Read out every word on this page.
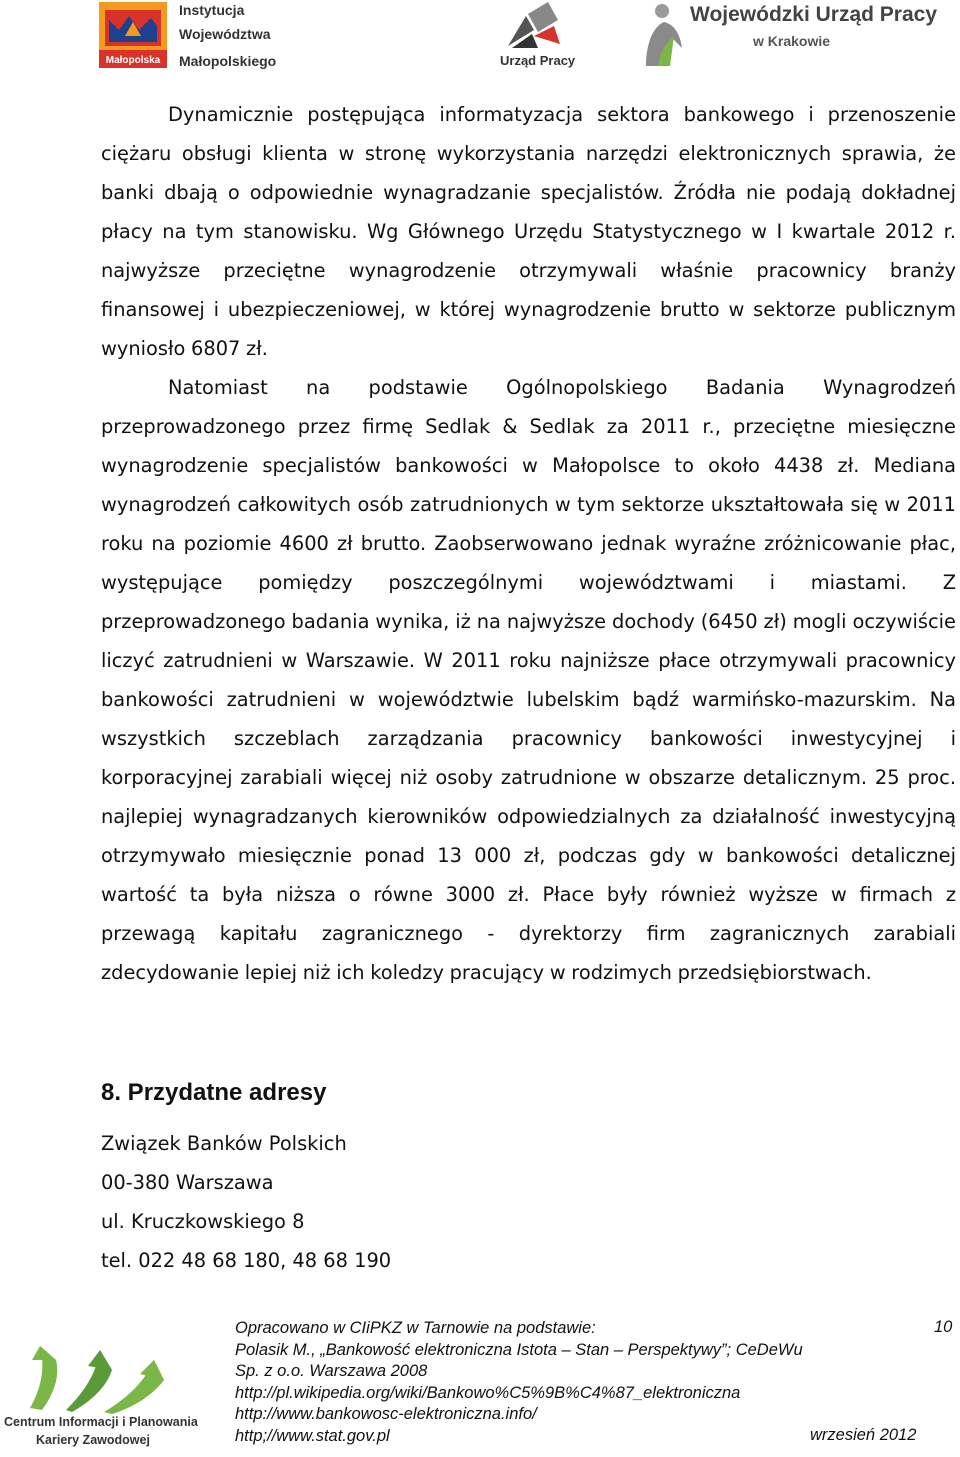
Małopolska
Instytucja
Województwa
Małopolskiego	Urząd Pracy
Wojewódzki Urząd Pracy
w Krakowie

Dynamicznie postępująca informatyzacja sektora bankowego i przenoszenie ciężaru obsługi klienta w stronę wykorzystania narzędzi elektronicznych sprawia, że banki dbają o odpowiednie wynagradzanie specjalistów. Źródła nie podają dokładnej płacy na tym stanowisku. Wg Głównego Urzędu Statystycznego w I kwartale 2012 r. najwyższe przeciętne wynagrodzenie otrzymywali właśnie pracownicy branży finansowej i ubezpieczeniowej, w której wynagrodzenie brutto w sektorze publicznym wyniosło 6807 zł.

Natomiast na podstawie Ogólnopolskiego Badania Wynagrodzeń przeprowadzonego przez firmę Sedlak & Sedlak za 2011 r., przeciętne miesięczne wynagrodzenie specjalistów bankowości w Małopolsce to około 4438 zł. Mediana wynagrodzeń całkowitych osób zatrudnionych w tym sektorze ukształtowała się w 2011 roku na poziomie 4600 zł brutto. Zaobserwowano jednak wyraźne zróżnicowanie płac, występujące pomiędzy poszczególnymi województwami i miastami. Z przeprowadzonego badania wynika, iż na najwyższe dochody (6450 zł) mogli oczywiście liczyć zatrudnieni w Warszawie. W 2011 roku najniższe płace otrzymywali pracownicy bankowości zatrudnieni w województwie lubelskim bądź warmińsko-mazurskim. Na wszystkich szczeblach zarządzania pracownicy bankowości inwestycyjnej i korporacyjnej zarabiali więcej niż osoby zatrudnione w obszarze detalicznym. 25 proc. najlepiej wynagradzanych kierowników odpowiedzialnych za działalność inwestycyjną otrzymywało miesięcznie ponad 13 000 zł, podczas gdy w bankowości detalicznej wartość ta była niższa o równe 3000 zł. Płace były również wyższe w firmach z przewagą kapitału zagranicznego - dyrektorzy firm zagranicznych zarabiali zdecydowanie lepiej niż ich koledzy pracujący w rodzimych przedsiębiorstwach.

8. Przydatne adresy
Związek Banków Polskich
00-380 Warszawa
ul. Kruczkowskiego 8
tel. 022 48 68 180, 48 68 190
Centrum Informacji i Planowania
Kariery Zawodowej
Opracowano w CIiPKZ w Tarnowie na podstawie:
Polasik M., „Bankowość elektroniczna Istota – Stan – Perspektywy”; CeDeWu
Sp. z o.o. Warszawa 2008
http://pl.wikipedia.org/wiki/Bankowo%C5%9B%C4%87_elektroniczna
http://www.bankowosc-elektroniczna.info/
http;//www.stat.gov.pl
10
wrzesień 2012
